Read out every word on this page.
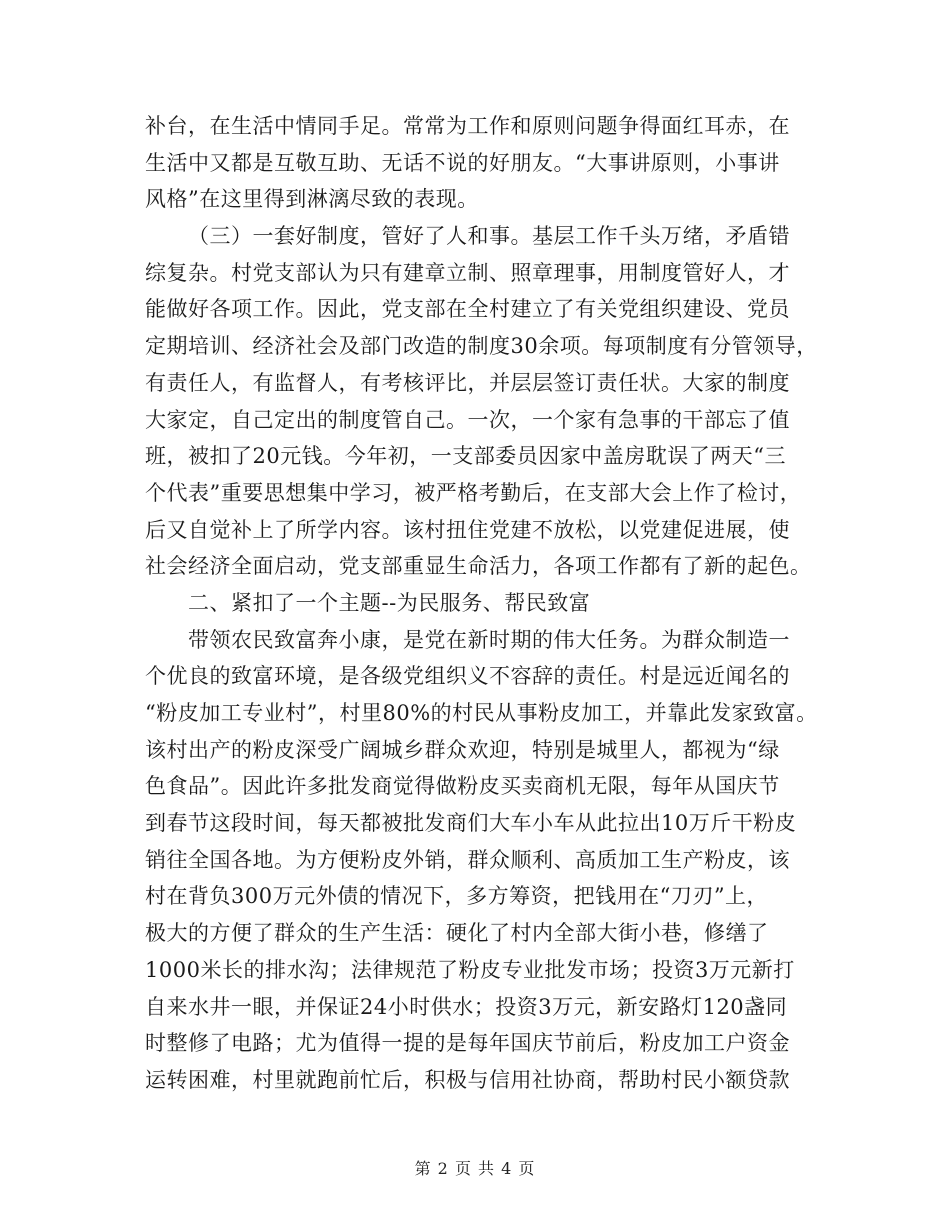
补台，在生活中情同手足。常常为工作和原则问题争得面红耳赤，在
生活中又都是互敬互助、无话不说的好朋友。“大事讲原则，小事讲
风格”在这里得到淋漓尽致的表现。
（三）一套好制度，管好了人和事。基层工作千头万绪，矛盾错
综复杂。村党支部认为只有建章立制、照章理事，用制度管好人，才
能做好各项工作。因此，党支部在全村建立了有关党组织建设、党员
定期培训、经济社会及部门改造的制度30余项。每项制度有分管领导，
有责任人，有监督人，有考核评比，并层层签订责任状。大家的制度
大家定，自己定出的制度管自己。一次，一个家有急事的干部忘了值
班，被扣了20元钱。今年初，一支部委员因家中盖房耽误了两天“三
个代表”重要思想集中学习，被严格考勤后，在支部大会上作了检讨，
后又自觉补上了所学内容。该村扭住党建不放松，以党建促进展，使
社会经济全面启动，党支部重显生命活力，各项工作都有了新的起色。
二、紧扣了一个主题--为民服务、帮民致富
带领农民致富奔小康，是党在新时期的伟大任务。为群众制造一
个优良的致富环境，是各级党组织义不容辞的责任。村是远近闻名的
“粉皮加工专业村”，村里80%的村民从事粉皮加工，并靠此发家致富。
该村出产的粉皮深受广阔城乡群众欢迎，特别是城里人，都视为“绿
色食品”。因此许多批发商觉得做粉皮买卖商机无限，每年从国庆节
到春节这段时间，每天都被批发商们大车小车从此拉出10万斤干粉皮
销往全国各地。为方便粉皮外销，群众顺利、高质加工生产粉皮，该
村在背负300万元外债的情况下，多方筹资，把钱用在“刀刃”上，
极大的方便了群众的生产生活：硬化了村内全部大街小巷，修缮了
1000米长的排水沟；法律规范了粉皮专业批发市场；投资3万元新打
自来水井一眼，并保证24小时供水；投资3万元，新安路灯120盏同
时整修了电路；尤为值得一提的是每年国庆节前后，粉皮加工户资金
运转困难，村里就跑前忙后，积极与信用社协商，帮助村民小额贷款
第 2 页 共 4 页
